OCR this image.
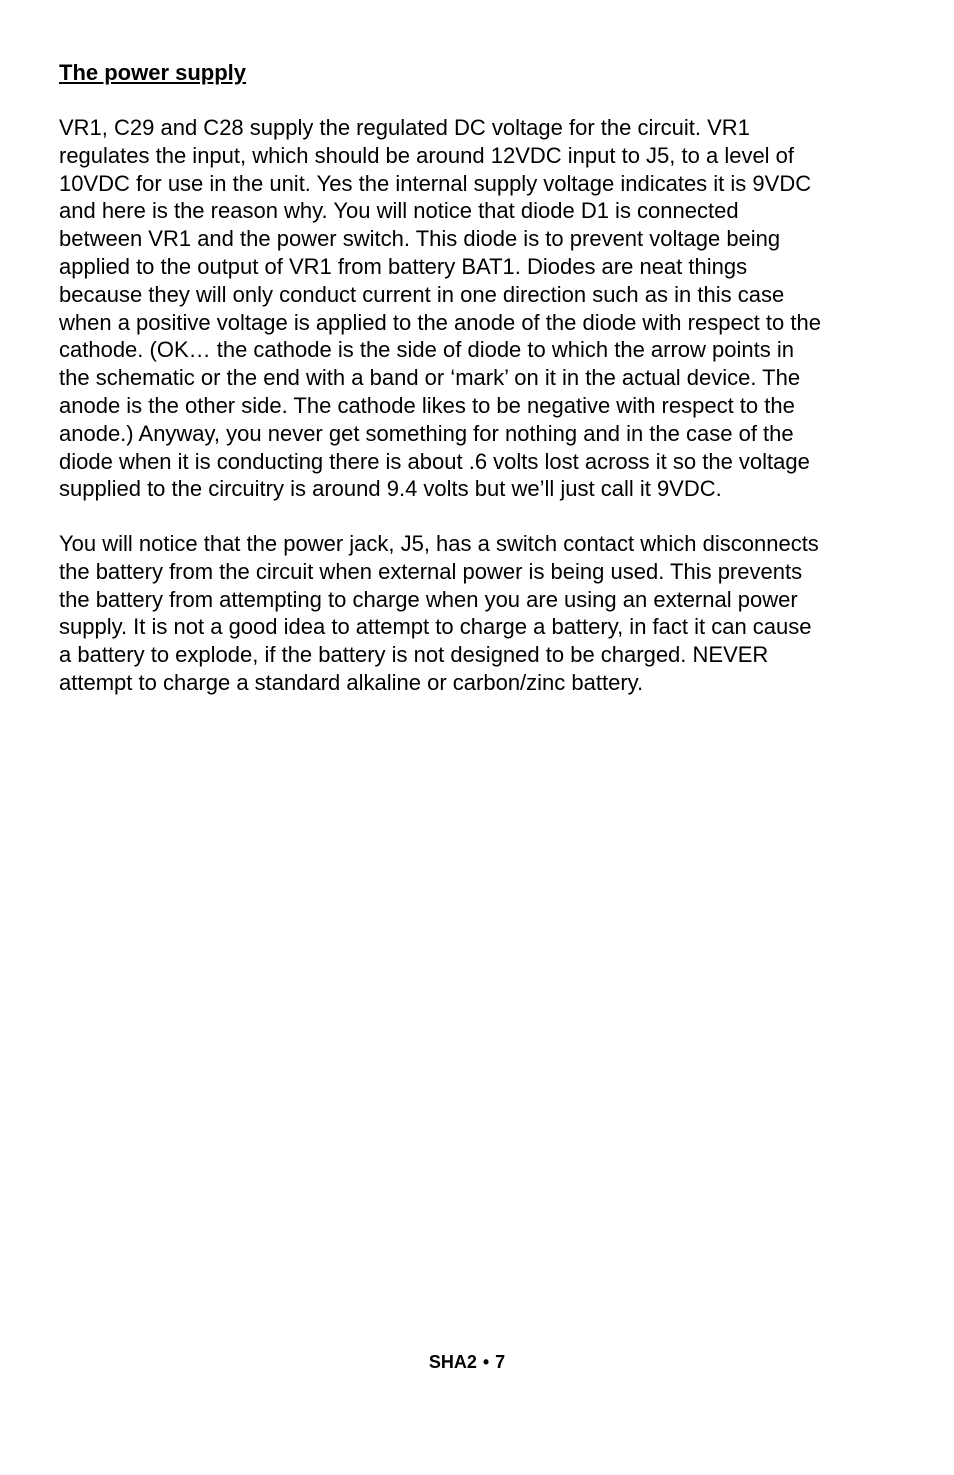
The power supply

VR1, C29 and C28 supply the regulated DC voltage for the circuit. VR1
regulates the input, which should be around 12VDC input to J5, to a level of
10VDC for use in the unit. Yes the internal supply voltage indicates it is 9VDC
and here is the reason why. You will notice that diode D1 is connected
between VR1 and the power switch. This diode is to prevent voltage being
applied to the output of VR1 from battery BAT1. Diodes are neat things
because they will only conduct current in one direction such as in this case
when a positive voltage is applied to the anode of the diode with respect to the
cathode. (OK… the cathode is the side of diode to which the arrow points in
the schematic or the end with a band or ‘mark’ on it in the actual device. The
anode is the other side. The cathode likes to be negative with respect to the
anode.) Anyway, you never get something for nothing and in the case of the
diode when it is conducting there is about .6 volts lost across it so the voltage
supplied to the circuitry is around 9.4 volts but we’ll just call it 9VDC.

You will notice that the power jack, J5, has a switch contact which disconnects
the battery from the circuit when external power is being used. This prevents
the battery from attempting to charge when you are using an external power
supply. It is not a good idea to attempt to charge a battery, in fact it can cause
a battery to explode, if the battery is not designed to be charged. NEVER
attempt to charge a standard alkaline or carbon/zinc battery.

SHA2 • 7
